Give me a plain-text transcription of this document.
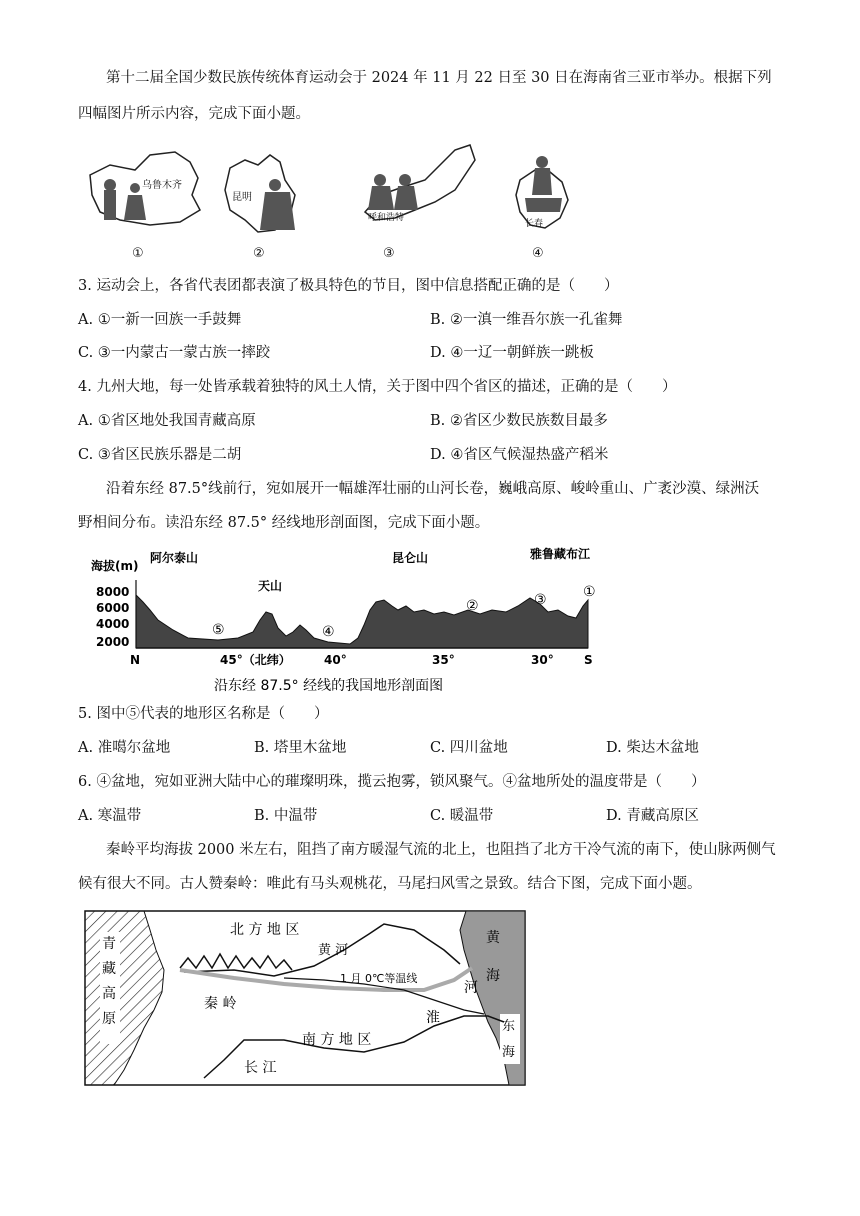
第十二届全国少数民族传统体育运动会于 2024 年 11 月 22 日至 30 日在海南省三亚市举办。根据下列
四幅图片所示内容，完成下面小题。
乌鲁木齐
①
昆明
②
呼和浩特
③
长春
④
3. 运动会上，各省代表团都表演了极具特色的节目，图中信息搭配正确的是（　　）
A. ①一新一回族一手鼓舞	B. ②一滇一维吾尔族一孔雀舞
C. ③一内蒙古一蒙古族一摔跤	D. ④一辽一朝鲜族一跳板
4. 九州大地，每一处皆承载着独特的风土人情，关于图中四个省区的描述，正确的是（　　）
A. ①省区地处我国青藏高原	B. ②省区少数民族数目最多
C. ③省区民族乐器是二胡	D. ④省区气候湿热盛产稻米
沿着东经 87.5°线前行，宛如展开一幅雄浑壮丽的山河长卷，巍峨高原、峻岭重山、广袤沙漠、绿洲沃
野相间分布。读沿东经 87.5° 经线地形剖面图，完成下面小题。
海拔(m)
8000
6000
4000
2000
阿尔泰山
天山
昆仑山	雅鲁藏布江
⑤	④
②	③	①
N	45°（北纬）	40°	35°	30°	S
沿东经 87.5° 经线的我国地形剖面图
5. 图中⑤代表的地形区名称是（　　）
A. 准噶尔盆地	B. 塔里木盆地	C. 四川盆地	D. 柴达木盆地
6. ④盆地，宛如亚洲大陆中心的璀璨明珠，揽云抱雾，锁风聚气。④盆地所处的温度带是（　　）
A. 寒温带	B. 中温带	C. 暖温带	D. 青藏高原区
秦岭平均海拔 2000 米左右，阻挡了南方暖湿气流的北上，也阻挡了北方干冷气流的南下，使山脉两侧气
候有很大不同。古人赞秦岭：唯此有马头观桃花，马尾扫风雪之景致。结合下图，完成下面小题。
青
藏
高
原
黄
海
东
海
北 方 地 区
黄 河
1 月 0℃等温线
秦 岭
淮
河
南 方 地 区
长 江
